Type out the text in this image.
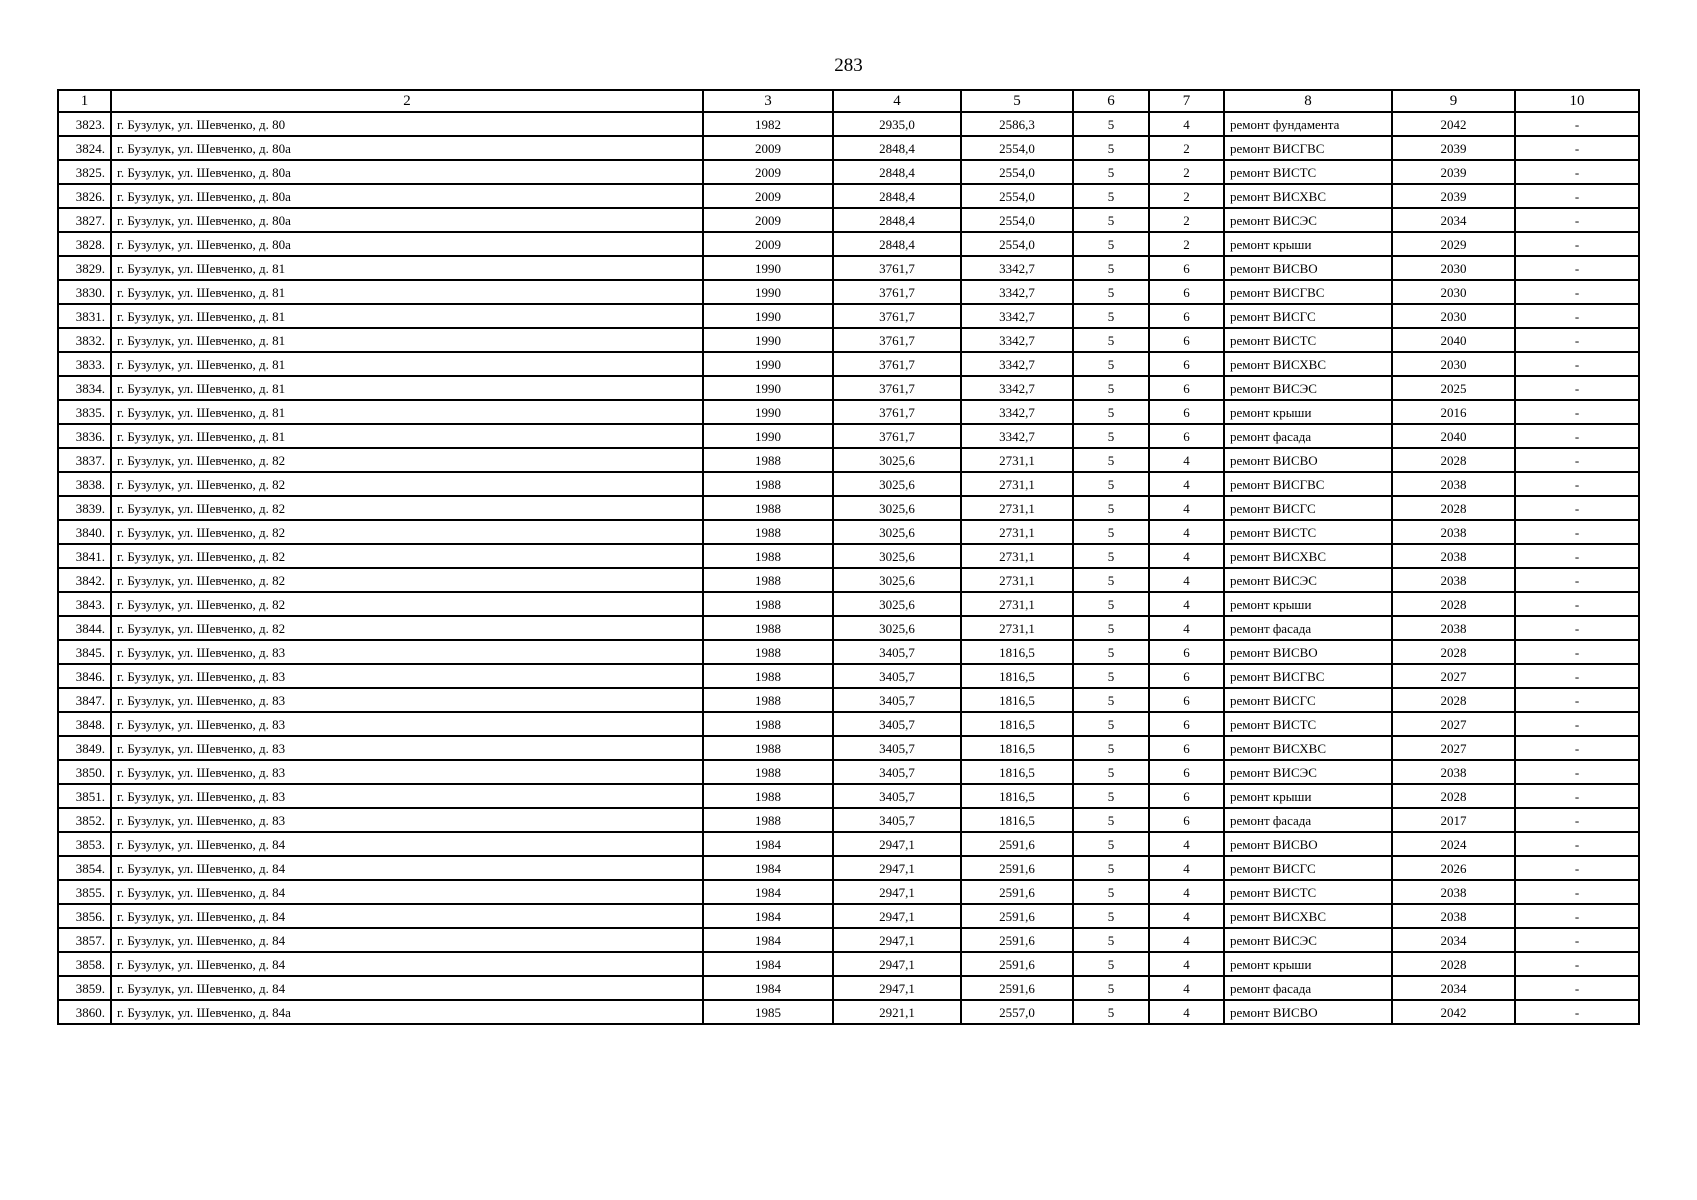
283
1	2	3	4	5	6	7	8	9	10
3823.	г. Бузулук, ул. Шевченко, д. 80	1982	2935,0	2586,3	5	4	ремонт фундамента	2042	-
3824.	г. Бузулук, ул. Шевченко, д. 80а	2009	2848,4	2554,0	5	2	ремонт ВИСГВС	2039	-
3825.	г. Бузулук, ул. Шевченко, д. 80а	2009	2848,4	2554,0	5	2	ремонт ВИСТС	2039	-
3826.	г. Бузулук, ул. Шевченко, д. 80а	2009	2848,4	2554,0	5	2	ремонт ВИСХВС	2039	-
3827.	г. Бузулук, ул. Шевченко, д. 80а	2009	2848,4	2554,0	5	2	ремонт ВИСЭС	2034	-
3828.	г. Бузулук, ул. Шевченко, д. 80а	2009	2848,4	2554,0	5	2	ремонт крыши	2029	-
3829.	г. Бузулук, ул. Шевченко, д. 81	1990	3761,7	3342,7	5	6	ремонт ВИСВО	2030	-
3830.	г. Бузулук, ул. Шевченко, д. 81	1990	3761,7	3342,7	5	6	ремонт ВИСГВС	2030	-
3831.	г. Бузулук, ул. Шевченко, д. 81	1990	3761,7	3342,7	5	6	ремонт ВИСГС	2030	-
3832.	г. Бузулук, ул. Шевченко, д. 81	1990	3761,7	3342,7	5	6	ремонт ВИСТС	2040	-
3833.	г. Бузулук, ул. Шевченко, д. 81	1990	3761,7	3342,7	5	6	ремонт ВИСХВС	2030	-
3834.	г. Бузулук, ул. Шевченко, д. 81	1990	3761,7	3342,7	5	6	ремонт ВИСЭС	2025	-
3835.	г. Бузулук, ул. Шевченко, д. 81	1990	3761,7	3342,7	5	6	ремонт крыши	2016	-
3836.	г. Бузулук, ул. Шевченко, д. 81	1990	3761,7	3342,7	5	6	ремонт фасада	2040	-
3837.	г. Бузулук, ул. Шевченко, д. 82	1988	3025,6	2731,1	5	4	ремонт ВИСВО	2028	-
3838.	г. Бузулук, ул. Шевченко, д. 82	1988	3025,6	2731,1	5	4	ремонт ВИСГВС	2038	-
3839.	г. Бузулук, ул. Шевченко, д. 82	1988	3025,6	2731,1	5	4	ремонт ВИСГС	2028	-
3840.	г. Бузулук, ул. Шевченко, д. 82	1988	3025,6	2731,1	5	4	ремонт ВИСТС	2038	-
3841.	г. Бузулук, ул. Шевченко, д. 82	1988	3025,6	2731,1	5	4	ремонт ВИСХВС	2038	-
3842.	г. Бузулук, ул. Шевченко, д. 82	1988	3025,6	2731,1	5	4	ремонт ВИСЭС	2038	-
3843.	г. Бузулук, ул. Шевченко, д. 82	1988	3025,6	2731,1	5	4	ремонт крыши	2028	-
3844.	г. Бузулук, ул. Шевченко, д. 82	1988	3025,6	2731,1	5	4	ремонт фасада	2038	-
3845.	г. Бузулук, ул. Шевченко, д. 83	1988	3405,7	1816,5	5	6	ремонт ВИСВО	2028	-
3846.	г. Бузулук, ул. Шевченко, д. 83	1988	3405,7	1816,5	5	6	ремонт ВИСГВС	2027	-
3847.	г. Бузулук, ул. Шевченко, д. 83	1988	3405,7	1816,5	5	6	ремонт ВИСГС	2028	-
3848.	г. Бузулук, ул. Шевченко, д. 83	1988	3405,7	1816,5	5	6	ремонт ВИСТС	2027	-
3849.	г. Бузулук, ул. Шевченко, д. 83	1988	3405,7	1816,5	5	6	ремонт ВИСХВС	2027	-
3850.	г. Бузулук, ул. Шевченко, д. 83	1988	3405,7	1816,5	5	6	ремонт ВИСЭС	2038	-
3851.	г. Бузулук, ул. Шевченко, д. 83	1988	3405,7	1816,5	5	6	ремонт крыши	2028	-
3852.	г. Бузулук, ул. Шевченко, д. 83	1988	3405,7	1816,5	5	6	ремонт фасада	2017	-
3853.	г. Бузулук, ул. Шевченко, д. 84	1984	2947,1	2591,6	5	4	ремонт ВИСВО	2024	-
3854.	г. Бузулук, ул. Шевченко, д. 84	1984	2947,1	2591,6	5	4	ремонт ВИСГС	2026	-
3855.	г. Бузулук, ул. Шевченко, д. 84	1984	2947,1	2591,6	5	4	ремонт ВИСТС	2038	-
3856.	г. Бузулук, ул. Шевченко, д. 84	1984	2947,1	2591,6	5	4	ремонт ВИСХВС	2038	-
3857.	г. Бузулук, ул. Шевченко, д. 84	1984	2947,1	2591,6	5	4	ремонт ВИСЭС	2034	-
3858.	г. Бузулук, ул. Шевченко, д. 84	1984	2947,1	2591,6	5	4	ремонт крыши	2028	-
3859.	г. Бузулук, ул. Шевченко, д. 84	1984	2947,1	2591,6	5	4	ремонт фасада	2034	-
3860.	г. Бузулук, ул. Шевченко, д. 84а	1985	2921,1	2557,0	5	4	ремонт ВИСВО	2042	-
